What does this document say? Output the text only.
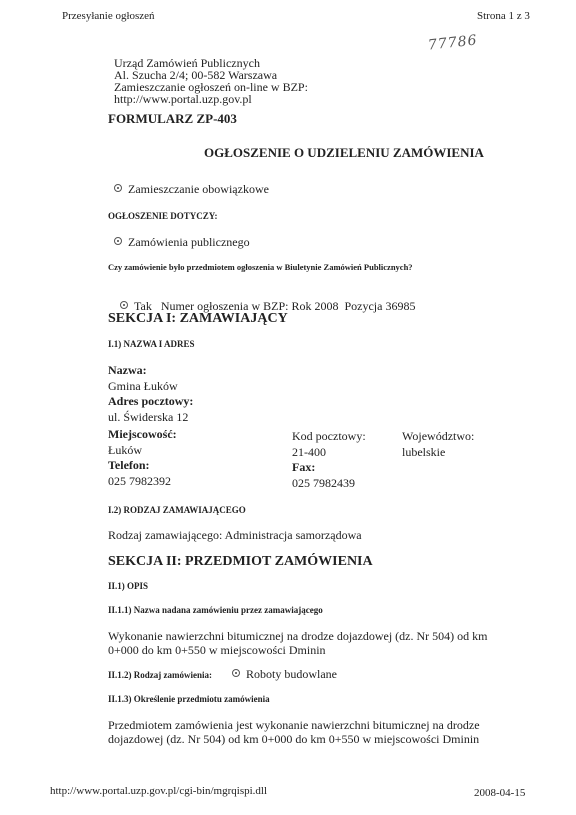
Przesyłanie ogłoszeń	Strona 1 z 3
77786
Urząd Zamówień Publicznych
Al. Szucha 2/4; 00-582 Warszawa
Zamieszczanie ogłoszeń on-line w BZP:
http://www.portal.uzp.gov.pl
FORMULARZ ZP-403
OGŁOSZENIE O UDZIELENIU ZAMÓWIENIA
Zamieszczanie obowiązkowe
OGŁOSZENIE DOTYCZY:
Zamówienia publicznego
Czy zamówienie było przedmiotem ogłoszenia w Biuletynie Zamówień Publicznych?

Tak   Numer ogłoszenia w BZP: Rok 2008  Pozycja 36985

SEKCJA I: ZAMAWIAJĄCY
I.1) NAZWA I ADRES
Nazwa:
Gmina Łuków
Adres pocztowy:
ul. Świderska 12
Miejscowość:
Łuków
Kod pocztowy:
21-400
Województwo:
lubelskie
Telefon:
025 7982392
Fax:
025 7982439
I.2) RODZAJ ZAMAWIAJĄCEGO
Rodzaj zamawiającego: Administracja samorządowa
SEKCJA II: PRZEDMIOT ZAMÓWIENIA
II.1) OPIS
II.1.1) Nazwa nadana zamówieniu przez zamawiającego
Wykonanie nawierzchni bitumicznej na drodze dojazdowej (dz. Nr 504) od km
0+000 do km 0+550 w miejscowości Dminin
II.1.2) Rodzaj zamówienia:	Roboty budowlane
II.1.3) Określenie przedmiotu zamówienia
Przedmiotem zamówienia jest wykonanie nawierzchni bitumicznej na drodze
dojazdowej (dz. Nr 504) od km 0+000 do km 0+550 w miejscowości Dminin
http://www.portal.uzp.gov.pl/cgi-bin/mgrqispi.dll	2008-04-15
